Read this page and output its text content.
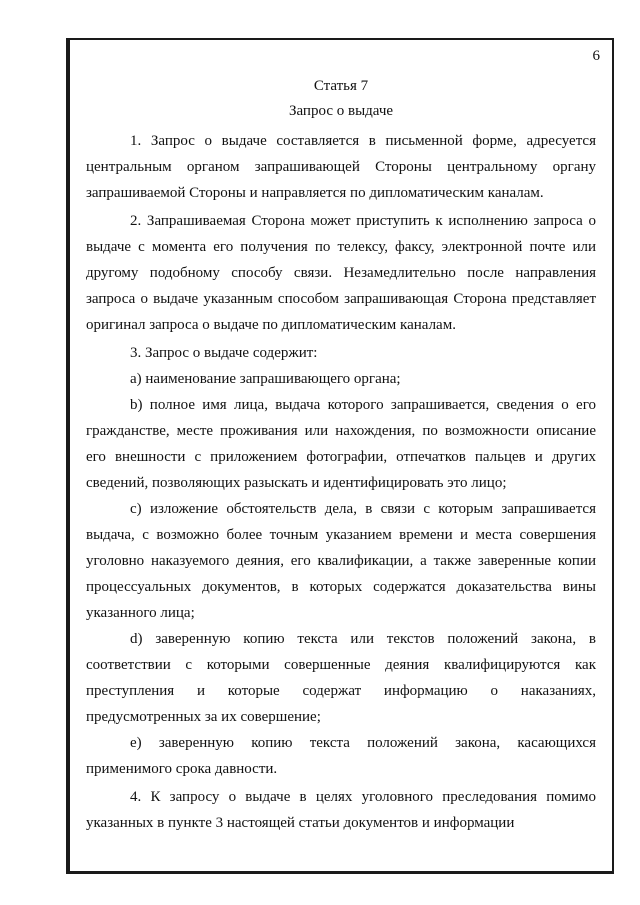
6
Статья 7
Запрос о выдаче

1. Запрос о выдаче составляется в письменной форме, адресуется центральным органом запрашивающей Стороны центральному органу запрашиваемой Стороны и направляется по дипломатическим каналам.

2. Запрашиваемая Сторона может приступить к исполнению запроса о выдаче с момента его получения по телексу, факсу, электронной почте или другому подобному способу связи. Незамедлительно после направления запроса о выдаче указанным способом запрашивающая Сторона представляет оригинал запроса о выдаче по дипломатическим каналам.

3. Запрос о выдаче содержит:

a) наименование запрашивающего органа;

b) полное имя лица, выдача которого запрашивается, сведения о его гражданстве, месте проживания или нахождения, по возможности описание его внешности с приложением фотографии, отпечатков пальцев и других сведений, позволяющих разыскать и идентифицировать это лицо;

c) изложение обстоятельств дела, в связи с которым запрашивается выдача, с возможно более точным указанием времени и места совершения уголовно наказуемого деяния, его квалификации, а также заверенные копии процессуальных документов, в которых содержатся доказательства вины указанного лица;

d) заверенную копию текста или текстов положений закона, в соответствии с которыми совершенные деяния квалифицируются как преступления и которые содержат информацию о наказаниях, предусмотренных за их совершение;

e) заверенную копию текста положений закона, касающихся применимого срока давности.

4. К запросу о выдаче в целях уголовного преследования помимо указанных в пункте 3 настоящей статьи документов и информации
